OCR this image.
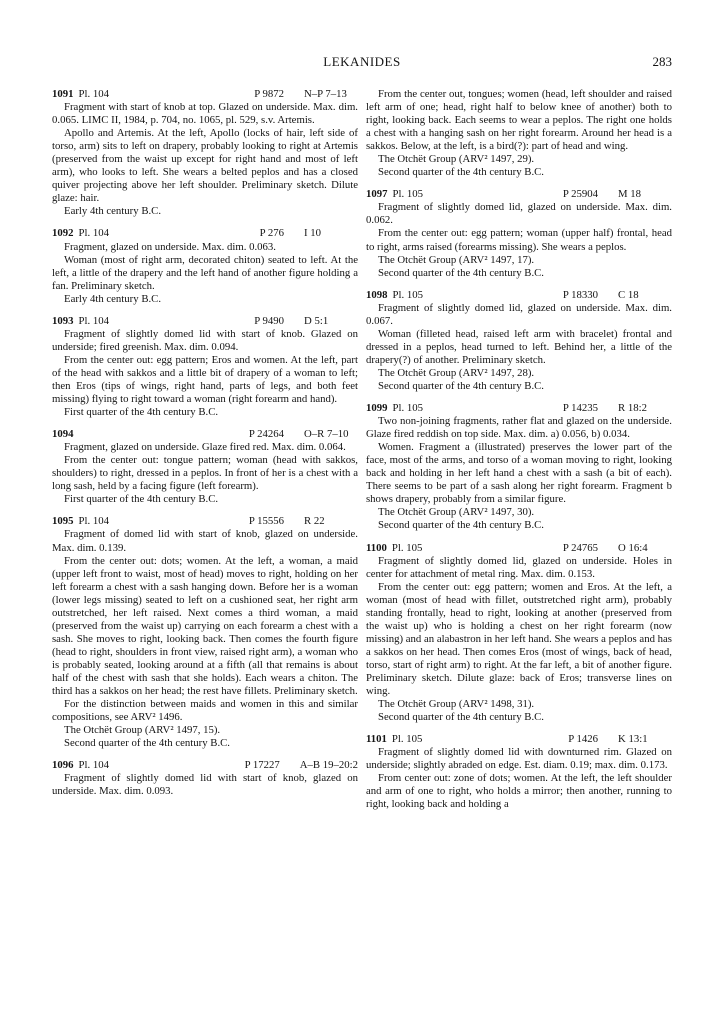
LEKANIDES	283
1091 Pl. 104	P 9872 N–P 7–13

Fragment with start of knob at top. Glazed on underside. Max. dim. 0.065. LIMC II, 1984, p. 704, no. 1065, pl. 529, s.v. Artemis.

Apollo and Artemis. At the left, Apollo (locks of hair, left side of torso, arm) sits to left on drapery, probably looking to right at Artemis (preserved from the waist up except for right hand and most of left arm), who looks to left. She wears a belted peplos and has a closed quiver projecting above her left shoulder. Preliminary sketch. Dilute glaze: hair.

Early 4th century B.C.

1092 Pl. 104	P 276 I 10

Fragment, glazed on underside. Max. dim. 0.063.

Woman (most of right arm, decorated chiton) seated to left. At the left, a little of the drapery and the left hand of another figure holding a fan. Preliminary sketch.

Early 4th century B.C.

1093 Pl. 104	P 9490 D 5:1

Fragment of slightly domed lid with start of knob. Glazed on underside; fired greenish. Max. dim. 0.094.

From the center out: egg pattern; Eros and women. At the left, part of the head with sakkos and a little bit of drapery of a woman to left; then Eros (tips of wings, right hand, parts of legs, and both feet missing) flying to right toward a woman (right forearm and hand).

First quarter of the 4th century B.C.

1094	P 24264 O–R 7–10

Fragment, glazed on underside. Glaze fired red. Max. dim. 0.064.

From the center out: tongue pattern; woman (head with sakkos, shoulders) to right, dressed in a peplos. In front of her is a chest with a long sash, held by a facing figure (left forearm).

First quarter of the 4th century B.C.

1095 Pl. 104	P 15556 R 22

Fragment of domed lid with start of knob, glazed on underside. Max. dim. 0.139.

From the center out: dots; women. At the left, a woman, a maid (upper left front to waist, most of head) moves to right, holding on her left forearm a chest with a sash hanging down. Before her is a woman (lower legs missing) seated to left on a cushioned seat, her right arm outstretched, her left raised. Next comes a third woman, a maid (preserved from the waist up) carrying on each forearm a chest with a sash. She moves to right, looking back. Then comes the fourth figure (head to right, shoulders in front view, raised right arm), a woman who is probably seated, looking around at a fifth (all that remains is about half of the chest with sash that she holds). Each wears a chiton. The third has a sakkos on her head; the rest have fillets. Preliminary sketch.

For the distinction between maids and women in this and similar compositions, see ARV² 1496.

The Otchët Group (ARV² 1497, 15).

Second quarter of the 4th century B.C.

1096 Pl. 104	P 17227 A–B 19–20:2

Fragment of slightly domed lid with start of knob, glazed on underside. Max. dim. 0.093.

From the center out, tongues; women (head, left shoulder and raised left arm of one; head, right half to below knee of another) both to right, looking back. Each seems to wear a peplos. The right one holds a chest with a hanging sash on her right forearm. Around her head is a sakkos. Below, at the left, is a bird(?): part of head and wing.

The Otchët Group (ARV² 1497, 29).

Second quarter of the 4th century B.C.

1097 Pl. 105	P 25904 M 18

Fragment of slightly domed lid, glazed on underside. Max. dim. 0.062.

From the center out: egg pattern; woman (upper half) frontal, head to right, arms raised (forearms missing). She wears a peplos.

The Otchët Group (ARV² 1497, 17).

Second quarter of the 4th century B.C.

1098 Pl. 105	P 18330 C 18

Fragment of slightly domed lid, glazed on underside. Max. dim. 0.067.

Woman (filleted head, raised left arm with bracelet) frontal and dressed in a peplos, head turned to left. Behind her, a little of the drapery(?) of another. Preliminary sketch.

The Otchët Group (ARV² 1497, 28).

Second quarter of the 4th century B.C.

1099 Pl. 105	P 14235 R 18:2

Two non-joining fragments, rather flat and glazed on the underside. Glaze fired reddish on top side. Max. dim. a) 0.056, b) 0.034.

Women. Fragment a (illustrated) preserves the lower part of the face, most of the arms, and torso of a woman moving to right, looking back and holding in her left hand a chest with a sash (a bit of each). There seems to be part of a sash along her right forearm. Fragment b shows drapery, probably from a similar figure.

The Otchët Group (ARV² 1497, 30).

Second quarter of the 4th century B.C.

1100 Pl. 105	P 24765 O 16:4

Fragment of slightly domed lid, glazed on underside. Holes in center for attachment of metal ring. Max. dim. 0.153.

From the center out: egg pattern; women and Eros. At the left, a woman (most of head with fillet, outstretched right arm), probably standing frontally, head to right, looking at another (preserved from the waist up) who is holding a chest on her right forearm (now missing) and an alabastron in her left hand. She wears a peplos and has a sakkos on her head. Then comes Eros (most of wings, back of head, torso, start of right arm) to right. At the far left, a bit of another figure. Preliminary sketch. Dilute glaze: back of Eros; transverse lines on wing.

The Otchët Group (ARV² 1498, 31).

Second quarter of the 4th century B.C.

1101 Pl. 105	P 1426 K 13:1

Fragment of slightly domed lid with downturned rim. Glazed on underside; slightly abraded on edge. Est. diam. 0.19; max. dim. 0.173.

From center out: zone of dots; women. At the left, the left shoulder and arm of one to right, who holds a mirror; then another, running to right, looking back and holding a
